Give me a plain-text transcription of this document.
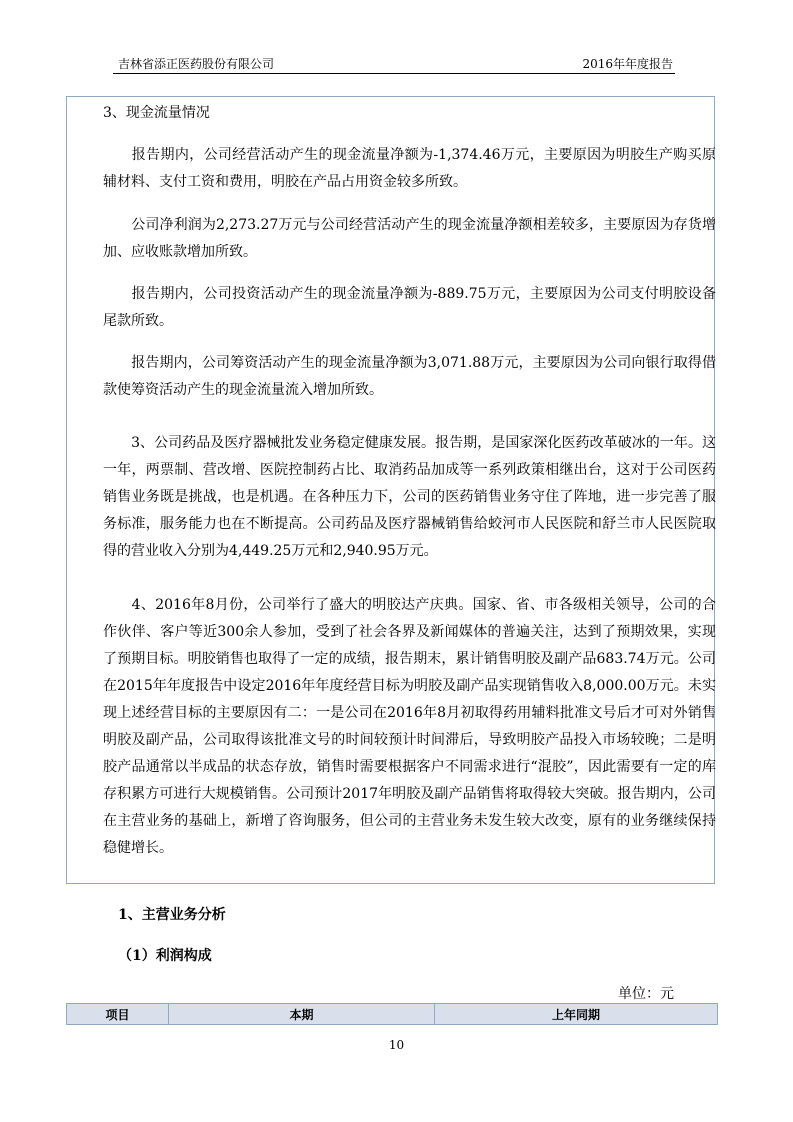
吉林省添正医药股份有限公司	2016年年度报告

3、现金流量情况

　　报告期内，公司经营活动产生的现金流量净额为-1,374.46万元，主要原因为明胶生产购买原辅材料、支付工资和费用，明胶在产品占用资金较多所致。

　　公司净利润为2,273.27万元与公司经营活动产生的现金流量净额相差较多，主要原因为存货增加、应收账款增加所致。

　　报告期内，公司投资活动产生的现金流量净额为-889.75万元，主要原因为公司支付明胶设备尾款所致。

　　报告期内，公司筹资活动产生的现金流量净额为3,071.88万元，主要原因为公司向银行取得借款使筹资活动产生的现金流量流入增加所致。

　　3、公司药品及医疗器械批发业务稳定健康发展。报告期，是国家深化医药改革破冰的一年。这一年，两票制、营改增、医院控制药占比、取消药品加成等一系列政策相继出台，这对于公司医药销售业务既是挑战，也是机遇。在各种压力下，公司的医药销售业务守住了阵地，进一步完善了服务标准，服务能力也在不断提高。公司药品及医疗器械销售给蛟河市人民医院和舒兰市人民医院取得的营业收入分别为4,449.25万元和2,940.95万元。

　　4、2016年8月份，公司举行了盛大的明胶达产庆典。国家、省、市各级相关领导，公司的合作伙伴、客户等近300余人参加，受到了社会各界及新闻媒体的普遍关注，达到了预期效果，实现了预期目标。明胶销售也取得了一定的成绩，报告期末，累计销售明胶及副产品683.74万元。公司在2015年年度报告中设定2016年年度经营目标为明胶及副产品实现销售收入8,000.00万元。未实现上述经营目标的主要原因有二：一是公司在2016年8月初取得药用辅料批准文号后才可对外销售明胶及副产品，公司取得该批准文号的时间较预计时间滞后，导致明胶产品投入市场较晚；二是明胶产品通常以半成品的状态存放，销售时需要根据客户不同需求进行“混胶”，因此需要有一定的库存积累方可进行大规模销售。公司预计2017年明胶及副产品销售将取得较大突破。报告期内，公司在主营业务的基础上，新增了咨询服务，但公司的主营业务未发生较大改变，原有的业务继续保持稳健增长。

1、主营业务分析
（1）利润构成
单位：元
项目	本期	上年同期
10
